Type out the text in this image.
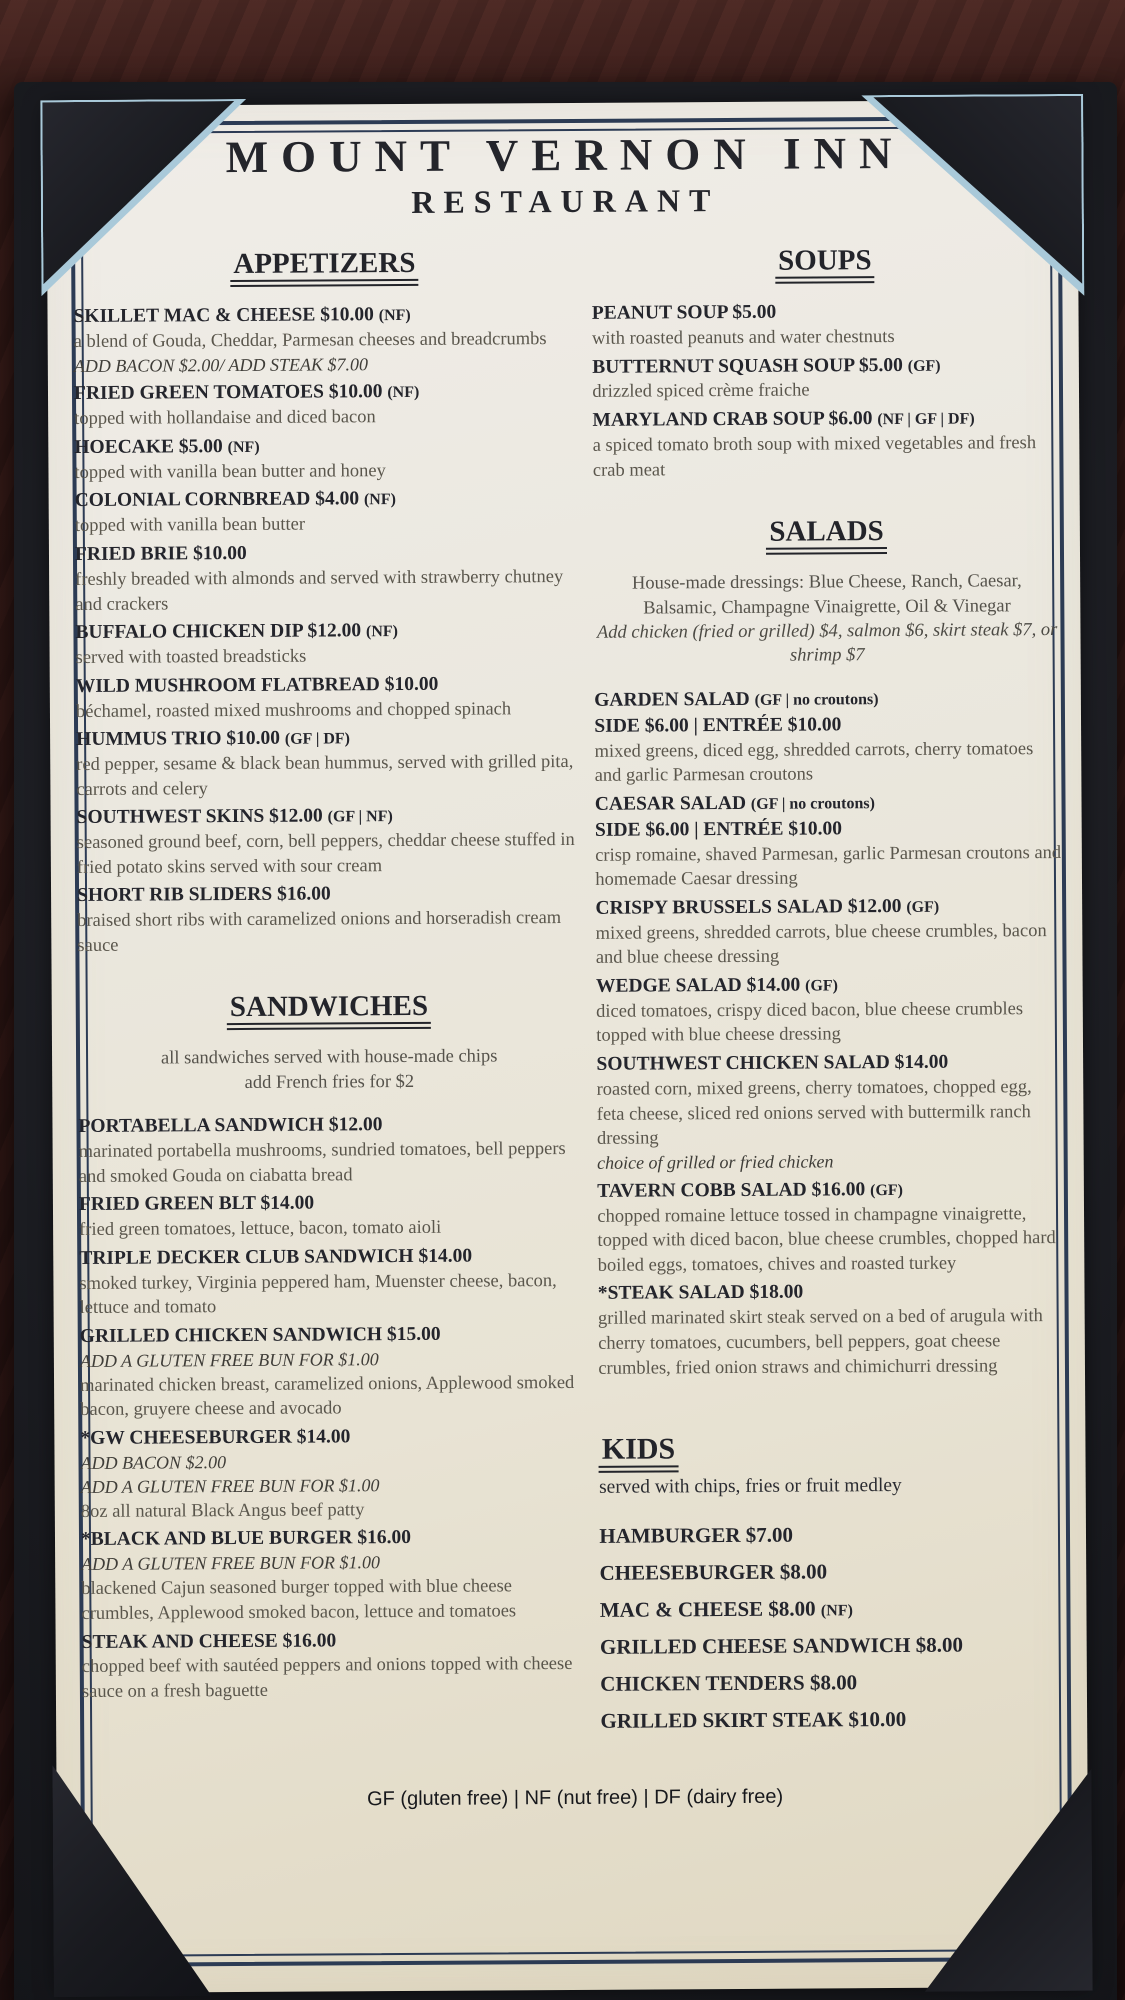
MOUNT VERNON INN
RESTAURANT
APPETIZERS
SKILLET MAC & CHEESE $10.00 (NF)
a blend of Gouda, Cheddar, Parmesan cheeses and breadcrumbs
ADD BACON $2.00/ ADD STEAK $7.00
FRIED GREEN TOMATOES $10.00 (NF)
topped with hollandaise and diced bacon
HOECAKE $5.00 (NF)
topped with vanilla bean butter and honey
COLONIAL CORNBREAD $4.00 (NF)
topped with vanilla bean butter
FRIED BRIE $10.00
freshly breaded with almonds and served with strawberry chutney and crackers
BUFFALO CHICKEN DIP $12.00 (NF)
served with toasted breadsticks
WILD MUSHROOM FLATBREAD $10.00
béchamel, roasted mixed mushrooms and chopped spinach
HUMMUS TRIO $10.00 (GF | DF)
red pepper, sesame & black bean hummus, served with grilled pita, carrots and celery
SOUTHWEST SKINS $12.00 (GF | NF)
seasoned ground beef, corn, bell peppers, cheddar cheese stuffed in fried potato skins served with sour cream
SHORT RIB SLIDERS $16.00
braised short ribs with caramelized onions and horseradish cream sauce
SANDWICHES
all sandwiches served with house-made chips
add French fries for $2
PORTABELLA SANDWICH $12.00
marinated portabella mushrooms, sundried tomatoes, bell peppers and smoked Gouda on ciabatta bread
FRIED GREEN BLT $14.00
fried green tomatoes, lettuce, bacon, tomato aioli
TRIPLE DECKER CLUB SANDWICH $14.00
smoked turkey, Virginia peppered ham, Muenster cheese, bacon, lettuce and tomato
GRILLED CHICKEN SANDWICH $15.00
ADD A GLUTEN FREE BUN FOR $1.00
marinated chicken breast, caramelized onions, Applewood smoked bacon, gruyere cheese and avocado
*GW CHEESEBURGER $14.00
ADD BACON $2.00
ADD A GLUTEN FREE BUN FOR $1.00
8oz all natural Black Angus beef patty
*BLACK AND BLUE BURGER $16.00
ADD A GLUTEN FREE BUN FOR $1.00
blackened Cajun seasoned burger topped with blue cheese crumbles, Applewood smoked bacon, lettuce and tomatoes
STEAK AND CHEESE $16.00
chopped beef with sautéed peppers and onions topped with cheese sauce on a fresh baguette
SOUPS
PEANUT SOUP $5.00
with roasted peanuts and water chestnuts
BUTTERNUT SQUASH SOUP $5.00 (GF)
drizzled spiced crème fraiche
MARYLAND CRAB SOUP $6.00 (NF | GF | DF)
a spiced tomato broth soup with mixed vegetables and fresh crab meat
SALADS
House-made dressings: Blue Cheese, Ranch, Caesar, Balsamic, Champagne Vinaigrette, Oil & Vinegar
Add chicken (fried or grilled) $4, salmon $6, skirt steak $7, or shrimp $7
GARDEN SALAD (GF | no croutons)
SIDE $6.00 | ENTRÉE $10.00
mixed greens, diced egg, shredded carrots, cherry tomatoes and garlic Parmesan croutons
CAESAR SALAD (GF | no croutons)
SIDE $6.00 | ENTRÉE $10.00
crisp romaine, shaved Parmesan, garlic Parmesan croutons and homemade Caesar dressing
CRISPY BRUSSELS SALAD $12.00 (GF)
mixed greens, shredded carrots, blue cheese crumbles, bacon and blue cheese dressing
WEDGE SALAD $14.00 (GF)
diced tomatoes, crispy diced bacon, blue cheese crumbles topped with blue cheese dressing
SOUTHWEST CHICKEN SALAD $14.00
roasted corn, mixed greens, cherry tomatoes, chopped egg, feta cheese, sliced red onions served with buttermilk ranch dressing
choice of grilled or fried chicken
TAVERN COBB SALAD $16.00 (GF)
chopped romaine lettuce tossed in champagne vinaigrette, topped with diced bacon, blue cheese crumbles, chopped hard boiled eggs, tomatoes, chives and roasted turkey
*STEAK SALAD $18.00
grilled marinated skirt steak served on a bed of arugula with cherry tomatoes, cucumbers, bell peppers, goat cheese crumbles, fried onion straws and chimichurri dressing
KIDS
served with chips, fries or fruit medley
HAMBURGER $7.00
CHEESEBURGER $8.00
MAC & CHEESE $8.00 (NF)
GRILLED CHEESE SANDWICH $8.00
CHICKEN TENDERS $8.00
GRILLED SKIRT STEAK $10.00
GF (gluten free) | NF (nut free) | DF (dairy free)
